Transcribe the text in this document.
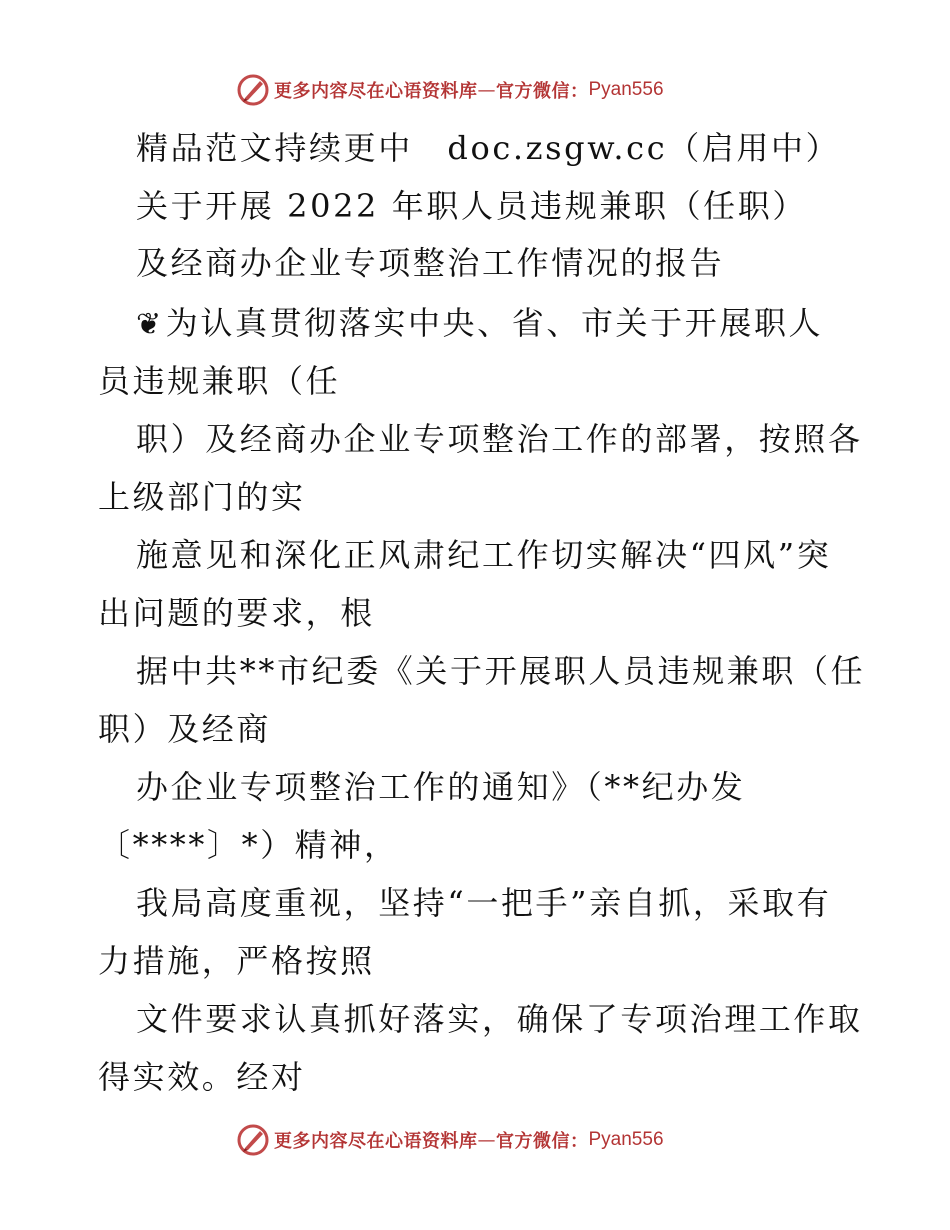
更多内容尽在心语资料库 — 官方微信： Pyan556
精品范文持续更中　doc.zsgw.cc（启用中）
关于开展 2022 年职人员违规兼职（任职）
及经商办企业专项整治工作情况的报告
❦为认真贯彻落实中央、省、市关于开展职人
员违规兼职（任
职）及经商办企业专项整治工作的部署，按照各
上级部门的实
施意见和深化正风肃纪工作切实解决“四风”突
出问题的要求，根
据中共**市纪委《关于开展职人员违规兼职（任
职）及经商
办企业专项整治工作的通知》（**纪办发
〔****〕*）精神，
我局高度重视，坚持“一把手”亲自抓，采取有
力措施，严格按照
文件要求认真抓好落实，确保了专项治理工作取
得实效。经对
更多内容尽在心语资料库 — 官方微信： Pyan556
